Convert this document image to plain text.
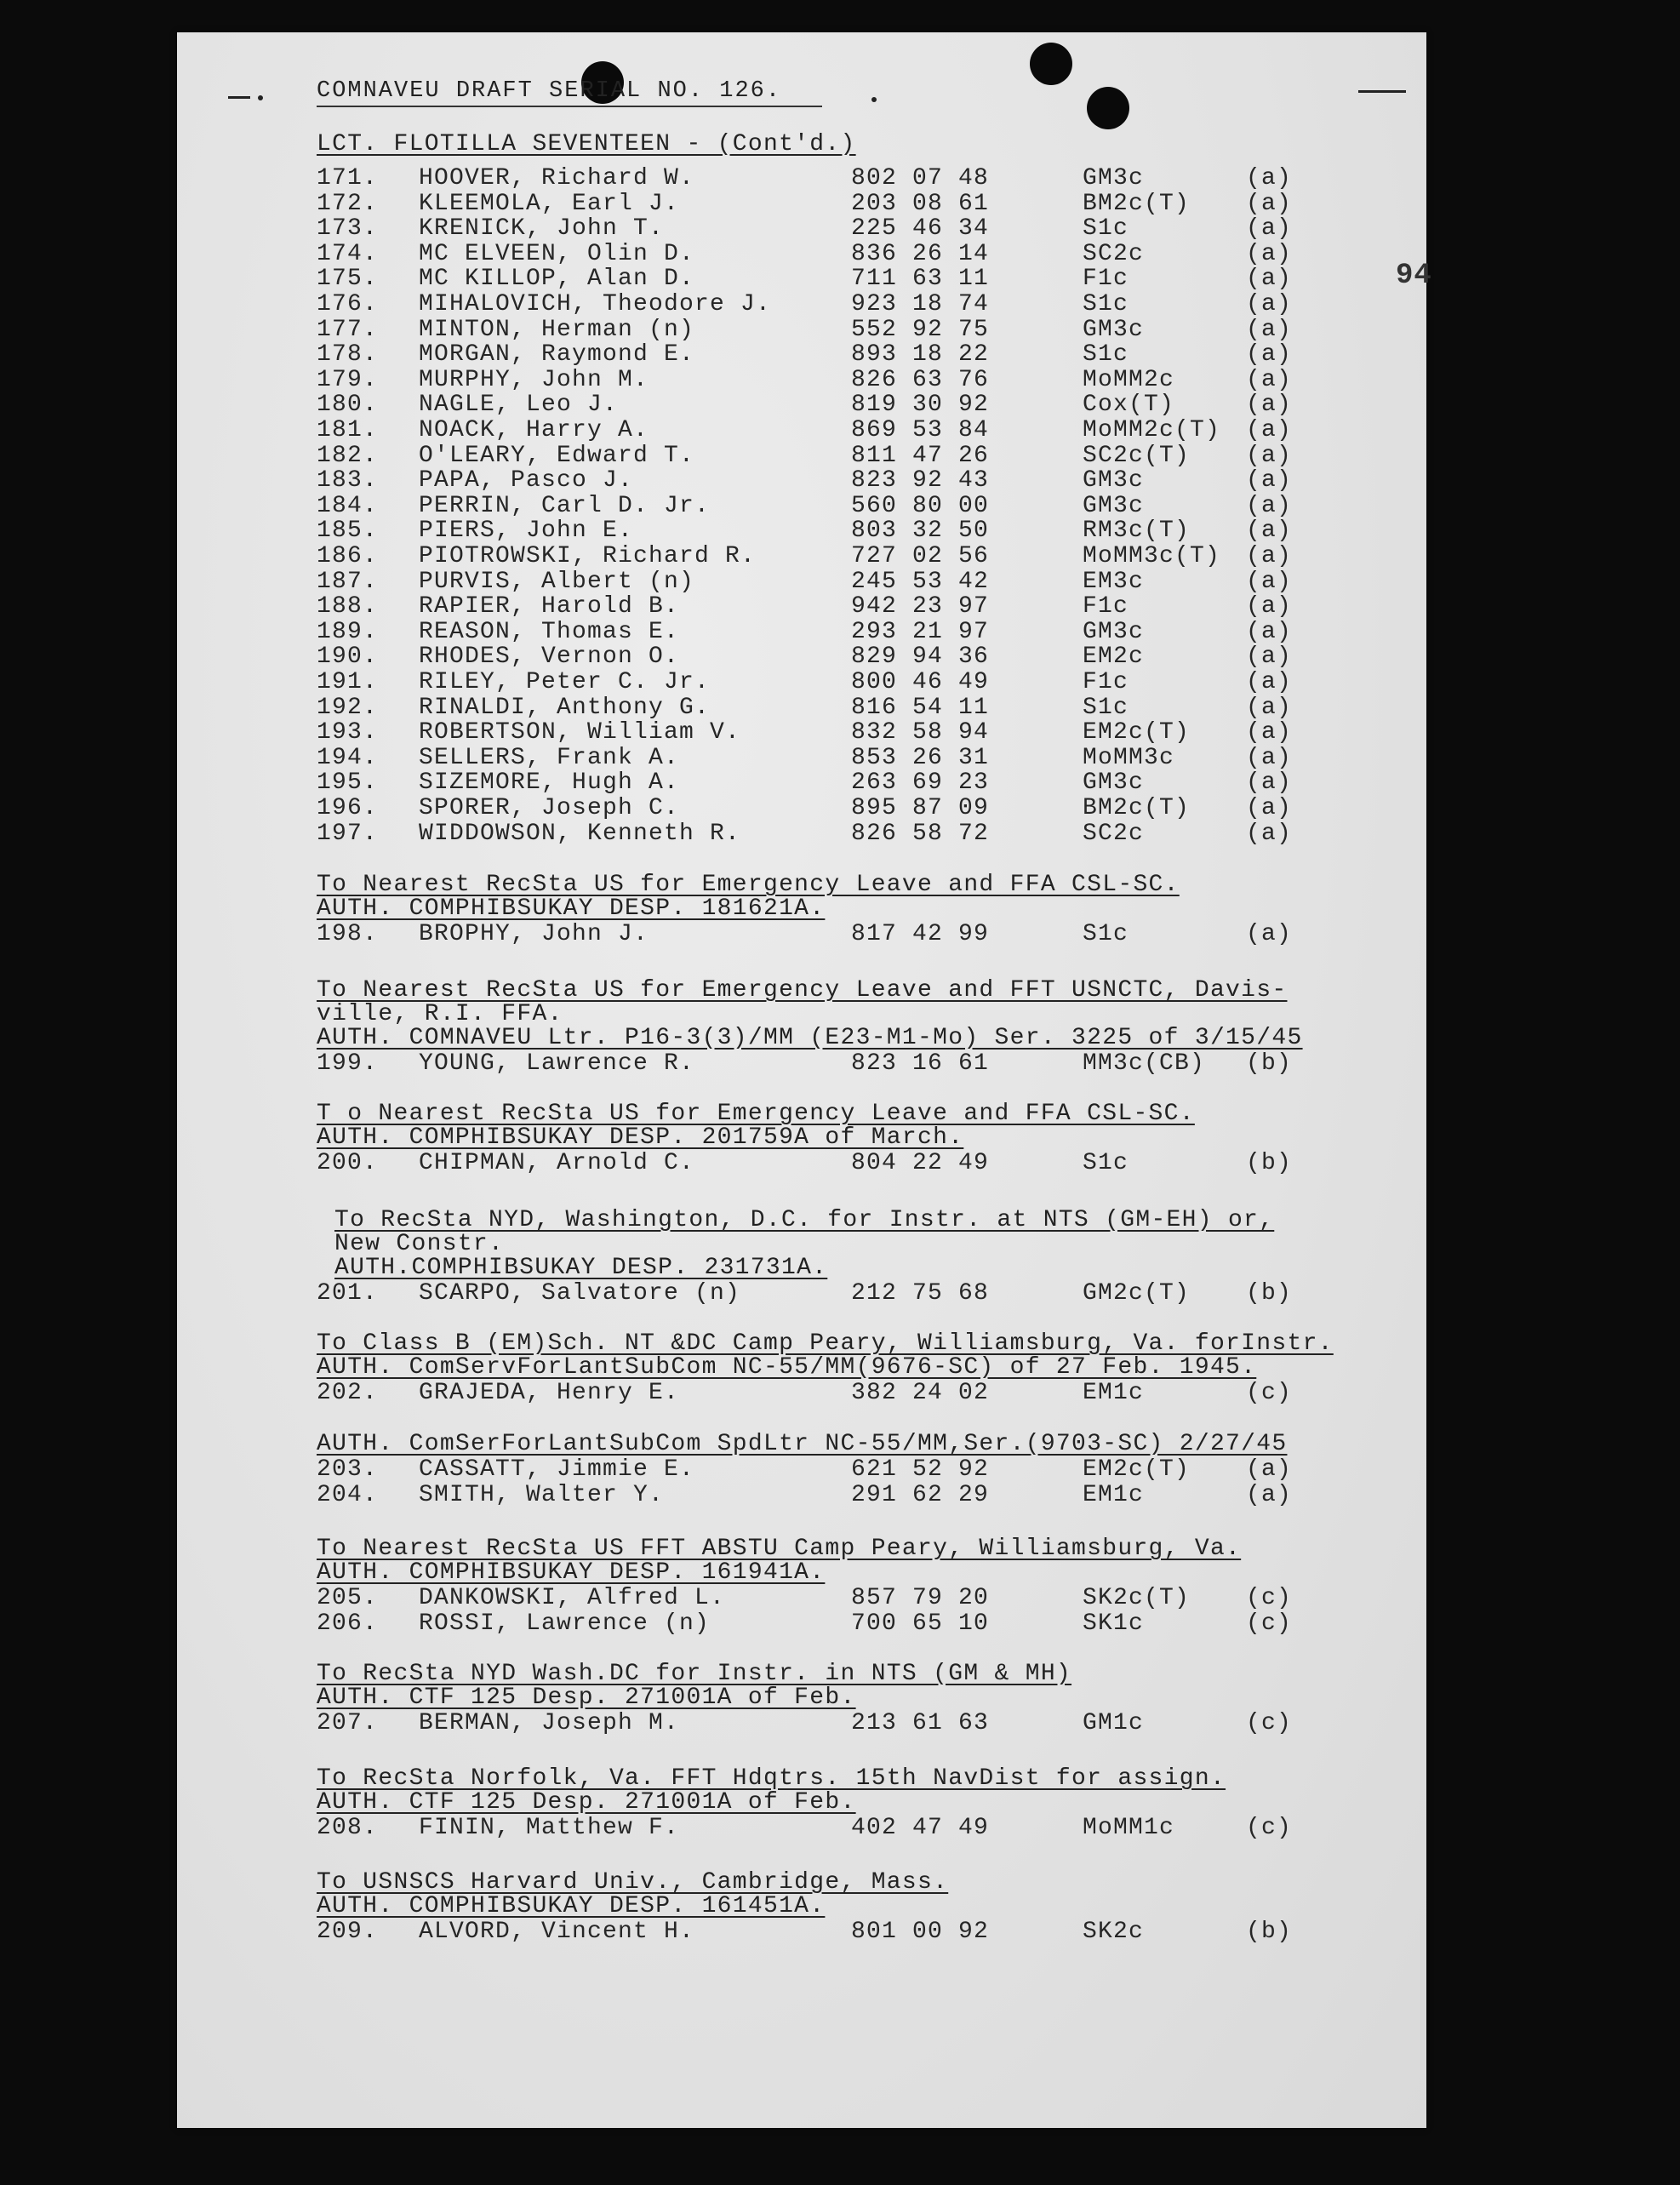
COMNAVEU DRAFT SERIAL NO. 126.
94
LCT. FLOTILLA SEVENTEEN - (Cont'd.)
171. HOOVER, Richard W.	802 07 48	GM3c	(a)
172. KLEEMOLA, Earl J.	203 08 61	BM2c(T) (a)
173. KRENICK, John T.	225 46 34	S1c	(a)
174. MC ELVEEN, Olin D.	836 26 14	SC2c	(a)
175. MC KILLOP, Alan D.	711 63 11	F1c	(a)
176. MIHALOVICH, Theodore J.	923 18 74	S1c	(a)
177. MINTON, Herman (n)	552 92 75	GM3c	(a)
178. MORGAN, Raymond E.	893 18 22	S1c	(a)
179. MURPHY, John M.	826 63 76	MoMM2c	(a)
180. NAGLE, Leo J.	819 30 92	Cox(T)	(a)
181. NOACK, Harry A.	869 53 84	MoMM2c(T) (a)
182. O'LEARY, Edward T.	811 47 26	SC2c(T) (a)
183. PAPA, Pasco J.	823 92 43	GM3c	(a)
184. PERRIN, Carl D. Jr.	560 80 00	GM3c	(a)
185. PIERS, John E.	803 32 50	RM3c(T) (a)
186. PIOTROWSKI, Richard R.	727 02 56	MoMM3c(T) (a)
187. PURVIS, Albert (n)	245 53 42	EM3c	(a)
188. RAPIER, Harold B.	942 23 97	F1c	(a)
189. REASON, Thomas E.	293 21 97	GM3c	(a)
190. RHODES, Vernon O.	829 94 36	EM2c	(a)
191. RILEY, Peter C. Jr.	800 46 49	F1c	(a)
192. RINALDI, Anthony G.	816 54 11	S1c	(a)
193. ROBERTSON, William V.	832 58 94	EM2c(T) (a)
194. SELLERS, Frank A.	853 26 31	MoMM3c	(a)
195. SIZEMORE, Hugh A.	263 69 23	GM3c	(a)
196. SPORER, Joseph C.	895 87 09	BM2c(T) (a)
197. WIDDOWSON, Kenneth R.	826 58 72	SC2c	(a)
To Nearest RecSta US for Emergency Leave and FFA CSL-SC.
AUTH. COMPHIBSUKAY DESP. 181621A.
198. BROPHY, John J.	817 42 99	S1c	(a)
To Nearest RecSta US for Emergency Leave and FFT USNCTC, Davis-
ville, R.I. FFA.
AUTH. COMNAVEU Ltr. P16-3(3)/MM (E23-M1-Mo) Ser. 3225 of 3/15/45
199. YOUNG, Lawrence R.	823 16 61	MM3c(CB) (b)
T o Nearest RecSta US for Emergency Leave and FFA CSL-SC.
AUTH. COMPHIBSUKAY DESP. 201759A of March.
200. CHIPMAN, Arnold C.	804 22 49	S1c	(b)
To RecSta NYD, Washington, D.C. for Instr. at NTS (GM-EH) or,
New Constr.
AUTH.COMPHIBSUKAY DESP. 231731A.
201. SCARPO, Salvatore (n)	212 75 68	GM2c(T) (b)
To Class B (EM)Sch. NT &DC Camp Peary, Williamsburg, Va. forInstr.
AUTH. ComServForLantSubCom NC-55/MM(9676-SC) of 27 Feb. 1945.
202. GRAJEDA, Henry E.	382 24 02	EM1c	(c)
AUTH. ComSerForLantSubCom SpdLtr NC-55/MM,Ser.(9703-SC) 2/27/45
203. CASSATT, Jimmie E.	621 52 92	EM2c(T) (a)
204. SMITH, Walter Y.	291 62 29	EM1c	(a)
To Nearest RecSta US FFT ABSTU Camp Peary, Williamsburg, Va.
AUTH. COMPHIBSUKAY DESP. 161941A.
205. DANKOWSKI, Alfred L.	857 79 20	SK2c(T) (c)
206. ROSSI, Lawrence (n)	700 65 10	SK1c	(c)
To RecSta NYD Wash.DC for Instr. in NTS (GM & MH)
AUTH. CTF 125 Desp. 271001A of Feb.
207. BERMAN, Joseph M.	213 61 63	GM1c	(c)
To RecSta Norfolk, Va. FFT Hdqtrs. 15th NavDist for assign.
AUTH. CTF 125 Desp. 271001A of Feb.
208. FININ, Matthew F.	402 47 49	MoMM1c	(c)
To USNSCS Harvard Univ., Cambridge, Mass.
AUTH. COMPHIBSUKAY DESP. 161451A.
209. ALVORD, Vincent H.	801 00 92	SK2c	(b)
